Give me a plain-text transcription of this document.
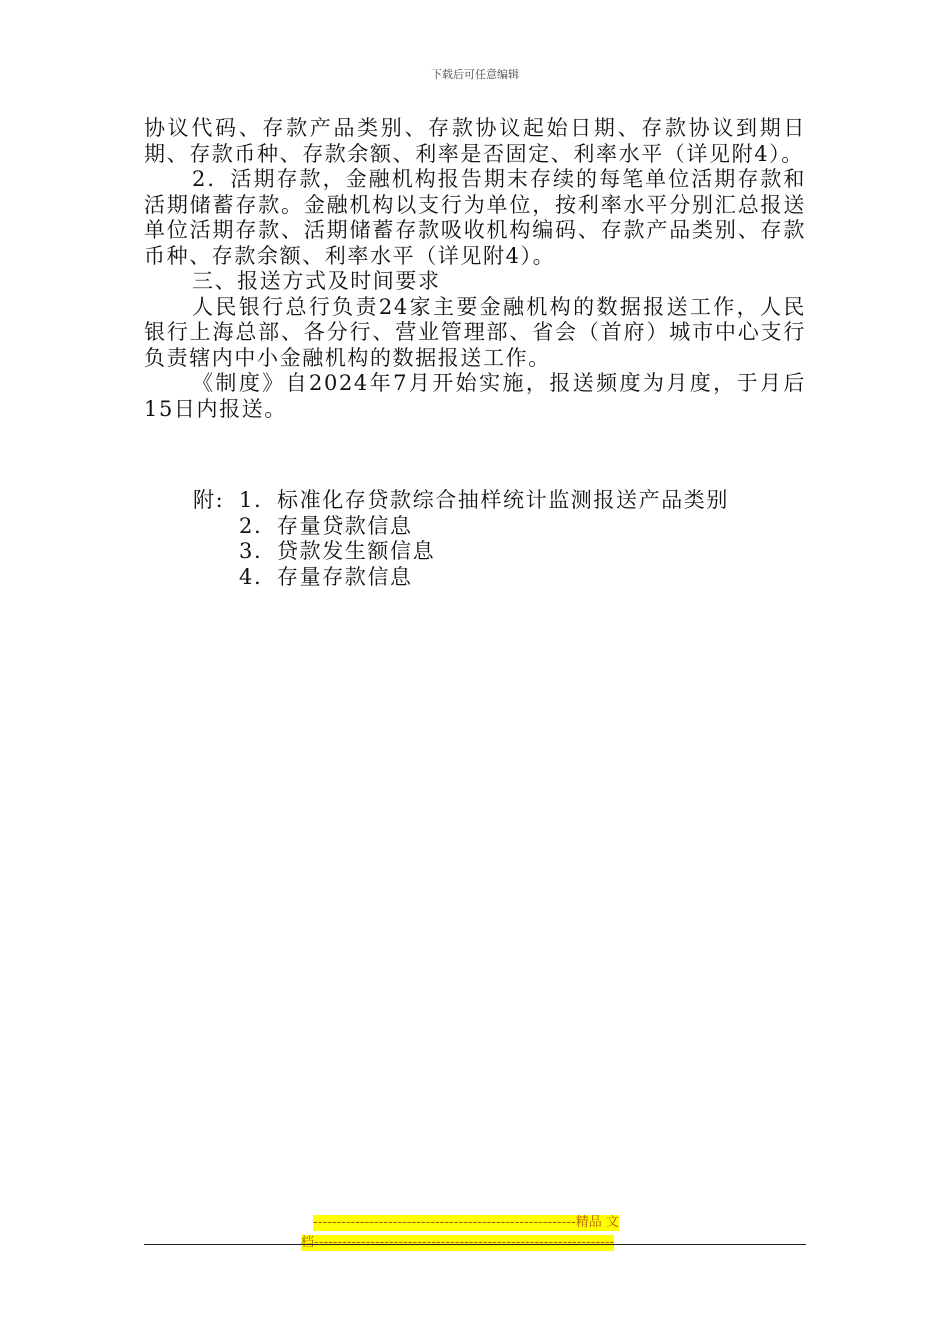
下载后可任意编辑

协议代码、存款产品类别、存款协议起始日期、存款协议到期日期、存款币种、存款余额、利率是否固定、利率水平（详见附4）。

2．活期存款，金融机构报告期末存续的每笔单位活期存款和活期储蓄存款。金融机构以支行为单位，按利率水平分别汇总报送单位活期存款、活期储蓄存款吸收机构编码、存款产品类别、存款币种、存款余额、利率水平（详见附4）。

三、报送方式及时间要求

人民银行总行负责24家主要金融机构的数据报送工作，人民银行上海总部、各分行、营业管理部、省会（首府）城市中心支行负责辖内中小金融机构的数据报送工作。

《制度》自2024年7月开始实施，报送频度为月度，于月后15日内报送。

附: 1. 标准化存贷款综合抽样统计监测报送产品类别
2. 存量贷款信息
3. 贷款发生额信息
4. 存量存款信息
--------------------------------------------------------精品 文
档----------------------------------------------------------------
